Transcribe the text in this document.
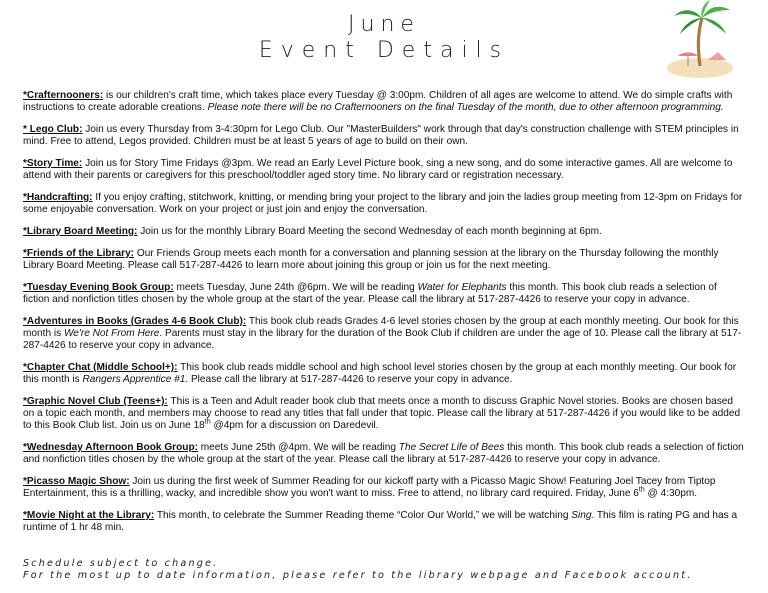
June
Event Details

*Crafternooners: is our children's craft time, which takes place every Tuesday @ 3:00pm. Children of all ages are welcome to attend. We do simple crafts with instructions to create adorable creations. Please note there will be no Crafternooners on the final Tuesday of the month, due to other afternoon programming.

* Lego Club: Join us every Thursday from 3-4:30pm for Lego Club. Our "MasterBuilders" work through that day's construction challenge with STEM principles in mind. Free to attend, Legos provided. Children must be at least 5 years of age to build on their own.

*Story Time: Join us for Story Time Fridays @3pm. We read an Early Level Picture book, sing a new song, and do some interactive games. All are welcome to attend with their parents or caregivers for this preschool/toddler aged story time. No library card or registration necessary.

*Handcrafting: If you enjoy crafting, stitchwork, knitting, or mending bring your project to the library and join the ladies group meeting from 12-3pm on Fridays for some enjoyable conversation. Work on your project or just join and enjoy the conversation.

*Library Board Meeting: Join us for the monthly Library Board Meeting the second Wednesday of each month beginning at 6pm.

*Friends of the Library: Our Friends Group meets each month for a conversation and planning session at the library on the Thursday following the monthly Library Board Meeting. Please call 517-287-4426 to learn more about joining this group or join us for the next meeting.

*Tuesday Evening Book Group: meets Tuesday, June 24th @6pm. We will be reading Water for Elephants this month. This book club reads a selection of fiction and nonfiction titles chosen by the whole group at the start of the year. Please call the library at 517-287-4426 to reserve your copy in advance.

*Adventures in Books (Grades 4-6 Book Club): This book club reads Grades 4-6 level stories chosen by the group at each monthly meeting. Our book for this month is We're Not From Here. Parents must stay in the library for the duration of the Book Club if children are under the age of 10. Please call the library at 517-287-4426 to reserve your copy in advance.

*Chapter Chat (Middle School+): This book club reads middle school and high school level stories chosen by the group at each monthly meeting. Our book for this month is Rangers Apprentice #1. Please call the library at 517-287-4426 to reserve your copy in advance.

*Graphic Novel Club (Teens+): This is a Teen and Adult reader book club that meets once a month to discuss Graphic Novel stories. Books are chosen based on a topic each month, and members may choose to read any titles that fall under that topic. Please call the library at 517-287-4426 if you would like to be added to this Book Club list. Join us on June 18th @4pm for a discussion on Daredevil.

*Wednesday Afternoon Book Group: meets June 25th @4pm. We will be reading The Secret Life of Bees this month. This book club reads a selection of fiction and nonfiction titles chosen by the whole group at the start of the year. Please call the library at 517-287-4426 to reserve your copy in advance.

*Picasso Magic Show: Join us during the first week of Summer Reading for our kickoff party with a Picasso Magic Show! Featuring Joel Tacey from Tiptop Entertainment, this is a thrilling, wacky, and incredible show you won't want to miss. Free to attend, no library card required. Friday, June 6th @ 4:30pm.

*Movie Night at the Library: This month, to celebrate the Summer Reading theme “Color Our World,” we will be watching Sing. This film is rating PG and has a runtime of 1 hr 48 min.

Schedule subject to change.
For the most up to date information, please refer to the library webpage and Facebook account.
